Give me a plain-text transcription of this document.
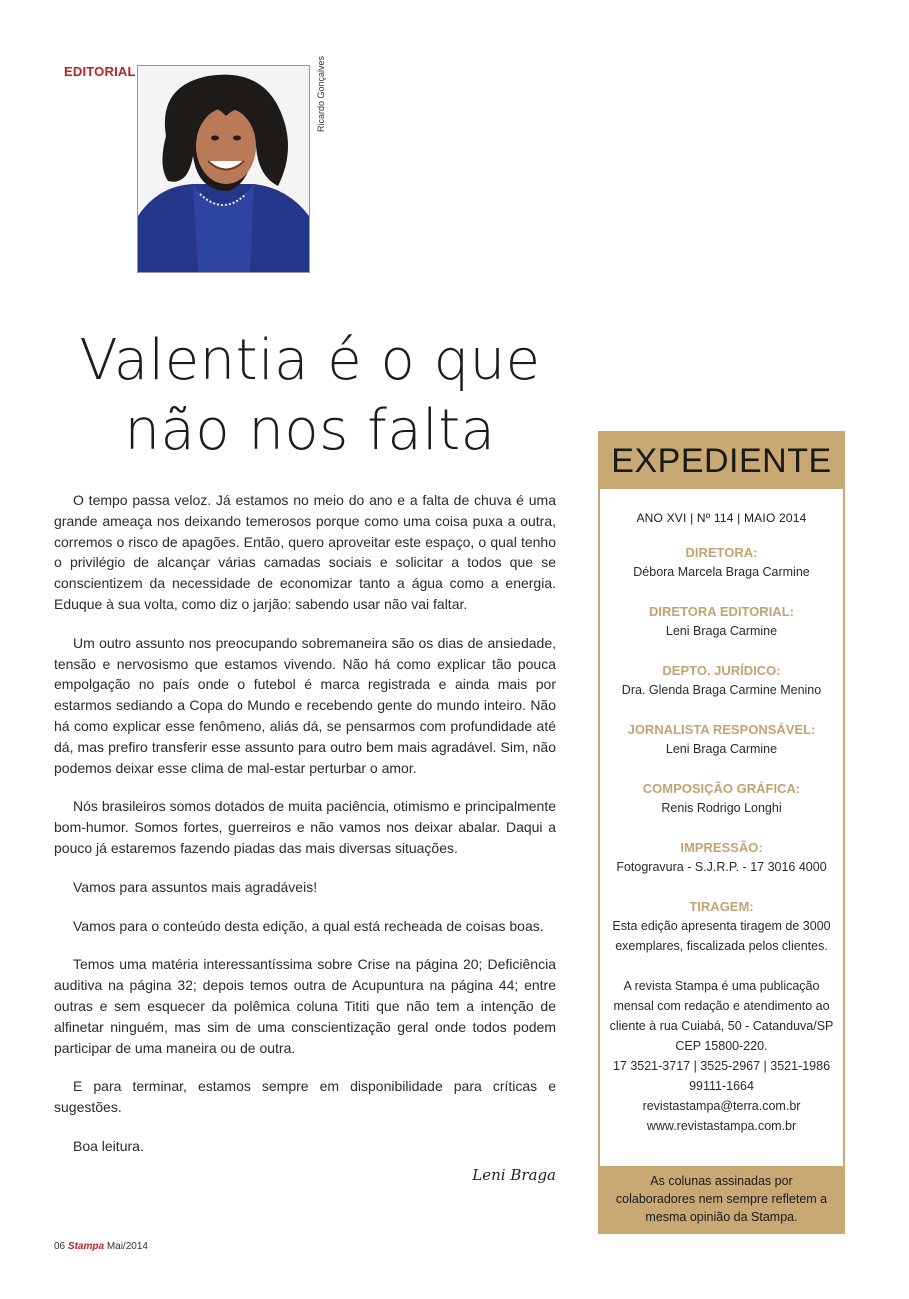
EDITORIAL	Ricardo Gonçalves
Valentia é o que
não nos falta

O tempo passa veloz. Já estamos no meio do ano e a falta de chuva é uma grande ameaça nos deixando temerosos porque como uma coisa puxa a outra, corremos o risco de apagões. Então, quero aproveitar este espaço, o qual tenho o privilégio de alcançar várias camadas sociais e solicitar a todos que se conscientizem da necessidade de economizar tanto a água como a energia. Eduque à sua volta, como diz o jarjão: sabendo usar não vai faltar.

Um outro assunto nos preocupando sobremaneira são os dias de ansiedade, tensão e nervosismo que estamos vivendo. Não há como explicar tão pouca empolgação no país onde o futebol é marca registrada e ainda mais por estarmos sediando a Copa do Mundo e recebendo gente do mundo inteiro. Não há como explicar esse fenômeno, aliás dá, se pensarmos com profundidade até dá, mas prefiro transferir esse assunto para outro bem mais agradável. Sim, não podemos deixar esse clima de mal-estar perturbar o amor.

Nós brasileiros somos dotados de muita paciência, otimismo e principalmente bom-humor. Somos fortes, guerreiros e não vamos nos deixar abalar. Daqui a pouco já estaremos fazendo piadas das mais diversas situações.

Vamos para assuntos mais agradáveis!

Vamos para o conteúdo desta edição, a qual está recheada de coisas boas.

Temos uma matéria interessantíssima sobre Crise na página 20; Deficiência auditiva na página 32; depois temos outra de Acupuntura na página 44; entre outras e sem esquecer da polêmica coluna Tititi que não tem a intenção de alfinetar ninguém, mas sim de uma conscientização geral onde todos podem participar de uma maneira ou de outra.

E para terminar, estamos sempre em disponibilidade para críticas e sugestões.

Boa leitura.

Leni Braga
06 Stampa Mai/2014
EXPEDIENTE
ANO XVI | Nº 114 | MAIO 2014
DIRETORA:
Débora Marcela Braga Carmine
DIRETORA EDITORIAL:
Leni Braga Carmine
DEPTO. JURÍDICO:
Dra. Glenda Braga Carmine Menino
JORNALISTA RESPONSÁVEL:
Leni Braga Carmine
COMPOSIÇÃO GRÁFICA:
Renis Rodrigo Longhi
IMPRESSÃO:
Fotogravura - S.J.R.P. - 17 3016 4000
TIRAGEM:
Esta edição apresenta tiragem de 3000 exemplares, fiscalizada pelos clientes.
A revista Stampa é uma publicação
mensal com redação e atendimento ao
cliente à rua Cuiabá, 50 - Catanduva/SP
CEP 15800-220.
17 3521-3717 | 3525-2967 | 3521-1986
99111-1664
revistastampa@terra.com.br
www.revistastampa.com.br
As colunas assinadas por colaboradores nem sempre refletem a mesma opinião da Stampa.
